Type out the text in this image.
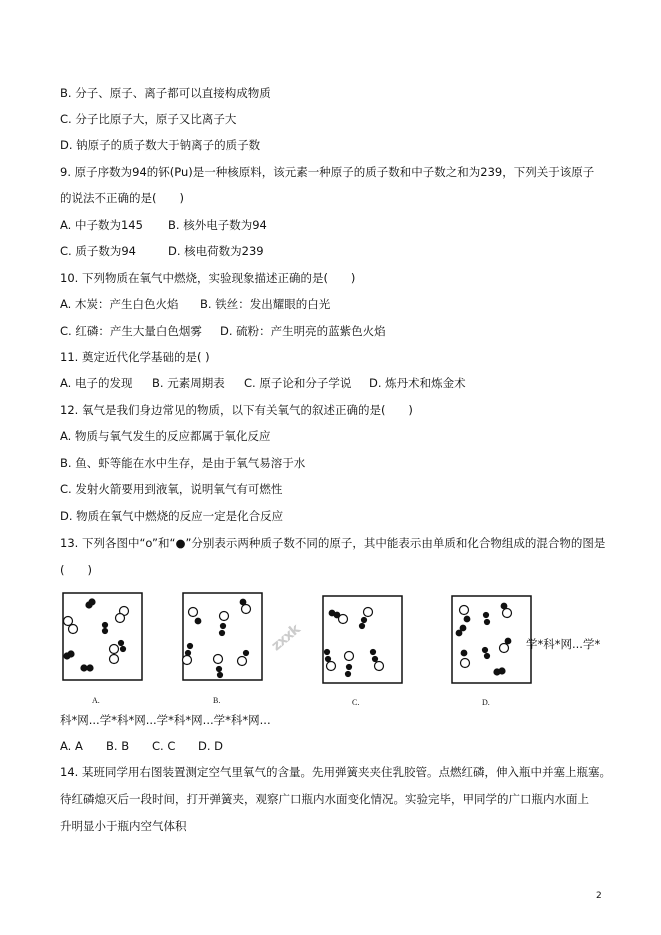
B. 分子、原子、离子都可以直接构成物质
C. 分子比原子大，原子又比离子大
D. 钠原子的质子数大于钠离子的质子数
9. 原子序数为94的钚(Pu)是一种核原料，该元素一种原子的质子数和中子数之和为239，下列关于该原子
的说法不正确的是(　　)
A. 中子数为145 B. 核外电子数为94
C. 质子数为94	D. 核电荷数为239
10. 下列物质在氧气中燃烧，实验现象描述正确的是(　　)
A. 木炭：产生白色火焰 B. 铁丝：发出耀眼的白光
C. 红磷：产生大量白色烟雾 D. 硫粉：产生明亮的蓝紫色火焰
11. 奠定近代化学基础的是( )
A. 电子的发现 B. 元素周期表 C. 原子论和分子学说 D. 炼丹术和炼金术
12. 氧气是我们身边常见的物质，以下有关氧气的叙述正确的是(　　)
A. 物质与氧气发生的反应都属于氧化反应
B. 鱼、虾等能在水中生存，是由于氧气易溶于水
C. 发射火箭要用到液氧，说明氧气有可燃性
D. 物质在氧气中燃烧的反应一定是化合反应
13. 下列各图中“o”和“●”分别表示两种质子数不同的原子，其中能表示由单质和化合物组成的混合物的图是
(　　)
zxxk
A.	B.	C.	D.
学*科*网...学*
科*网...学*科*网...学*科*网...学*科*网...
A. A B. B C. C D. D
14. 某班同学用右图装置测定空气里氧气的含量。先用弹簧夹夹住乳胶管。点燃红磷，伸入瓶中并塞上瓶塞。
待红磷熄灭后一段时间，打开弹簧夹，观察广口瓶内水面变化情况。实验完毕，甲同学的广口瓶内水面上
升明显小于瓶内空气体积
2
